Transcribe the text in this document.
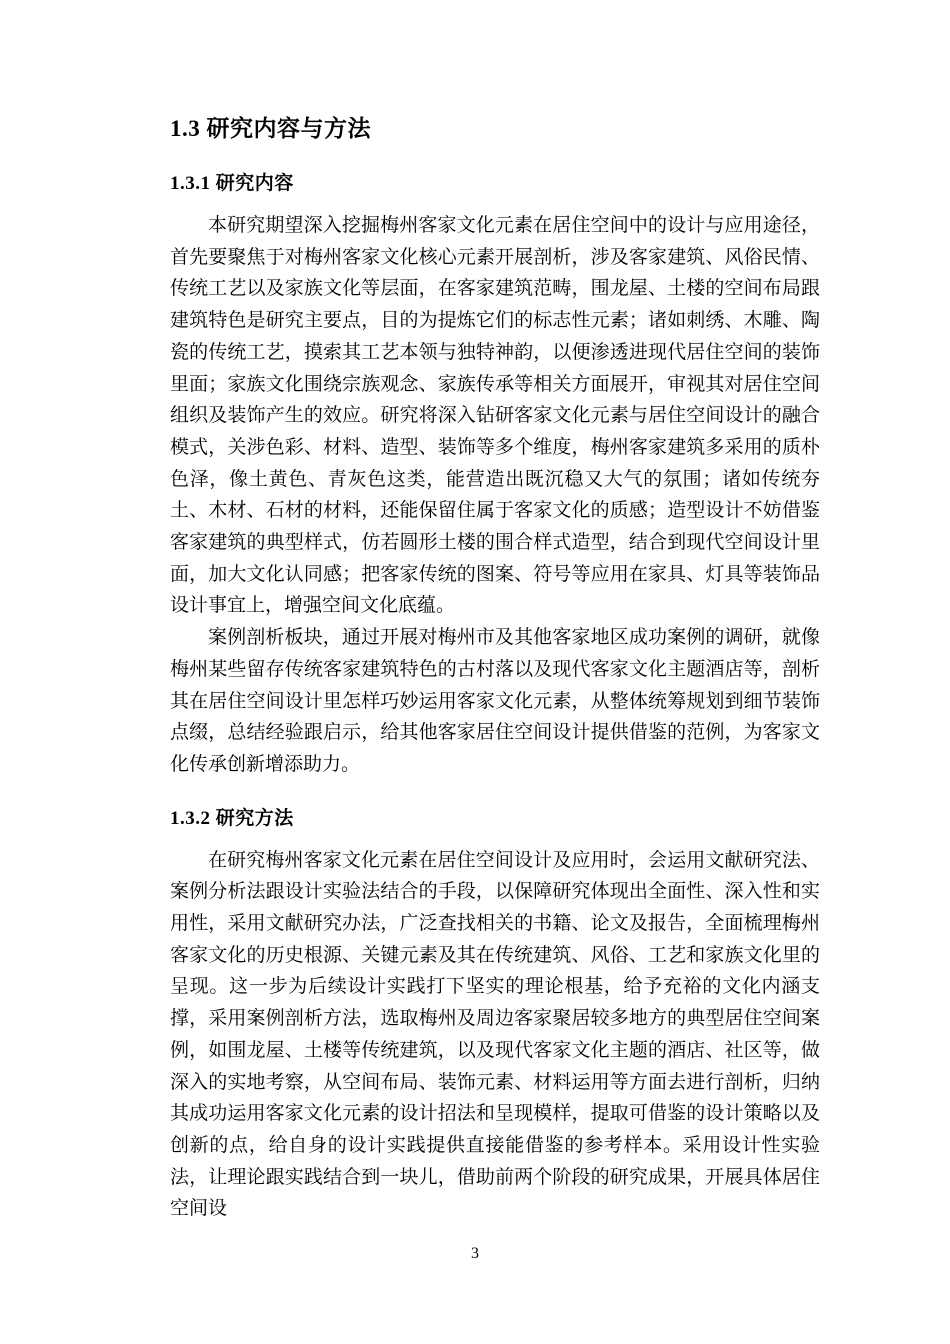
1.3 研究内容与方法
1.3.1 研究内容

本研究期望深入挖掘梅州客家文化元素在居住空间中的设计与应用途径，首先要聚焦于对梅州客家文化核心元素开展剖析，涉及客家建筑、风俗民情、传统工艺以及家族文化等层面，在客家建筑范畴，围龙屋、土楼的空间布局跟建筑特色是研究主要点，目的为提炼它们的标志性元素；诸如刺绣、木雕、陶瓷的传统工艺，摸索其工艺本领与独特神韵，以便渗透进现代居住空间的装饰里面；家族文化围绕宗族观念、家族传承等相关方面展开，审视其对居住空间组织及装饰产生的效应。研究将深入钻研客家文化元素与居住空间设计的融合模式，关涉色彩、材料、造型、装饰等多个维度，梅州客家建筑多采用的质朴色泽，像土黄色、青灰色这类，能营造出既沉稳又大气的氛围；诸如传统夯土、木材、石材的材料，还能保留住属于客家文化的质感；造型设计不妨借鉴客家建筑的典型样式，仿若圆形土楼的围合样式造型，结合到现代空间设计里面，加大文化认同感；把客家传统的图案、符号等应用在家具、灯具等装饰品设计事宜上，增强空间文化底蕴。

案例剖析板块，通过开展对梅州市及其他客家地区成功案例的调研，就像梅州某些留存传统客家建筑特色的古村落以及现代客家文化主题酒店等，剖析其在居住空间设计里怎样巧妙运用客家文化元素，从整体统筹规划到细节装饰点缀，总结经验跟启示，给其他客家居住空间设计提供借鉴的范例，为客家文化传承创新增添助力。

1.3.2 研究方法

在研究梅州客家文化元素在居住空间设计及应用时，会运用文献研究法、案例分析法跟设计实验法结合的手段，以保障研究体现出全面性、深入性和实用性，采用文献研究办法，广泛查找相关的书籍、论文及报告，全面梳理梅州客家文化的历史根源、关键元素及其在传统建筑、风俗、工艺和家族文化里的呈现。这一步为后续设计实践打下坚实的理论根基，给予充裕的文化内涵支撑，采用案例剖析方法，选取梅州及周边客家聚居较多地方的典型居住空间案例，如围龙屋、土楼等传统建筑，以及现代客家文化主题的酒店、社区等，做深入的实地考察，从空间布局、装饰元素、材料运用等方面去进行剖析，归纳其成功运用客家文化元素的设计招法和呈现模样，提取可借鉴的设计策略以及创新的点，给自身的设计实践提供直接能借鉴的参考样本。采用设计性实验法，让理论跟实践结合到一块儿，借助前两个阶段的研究成果，开展具体居住空间设

3
